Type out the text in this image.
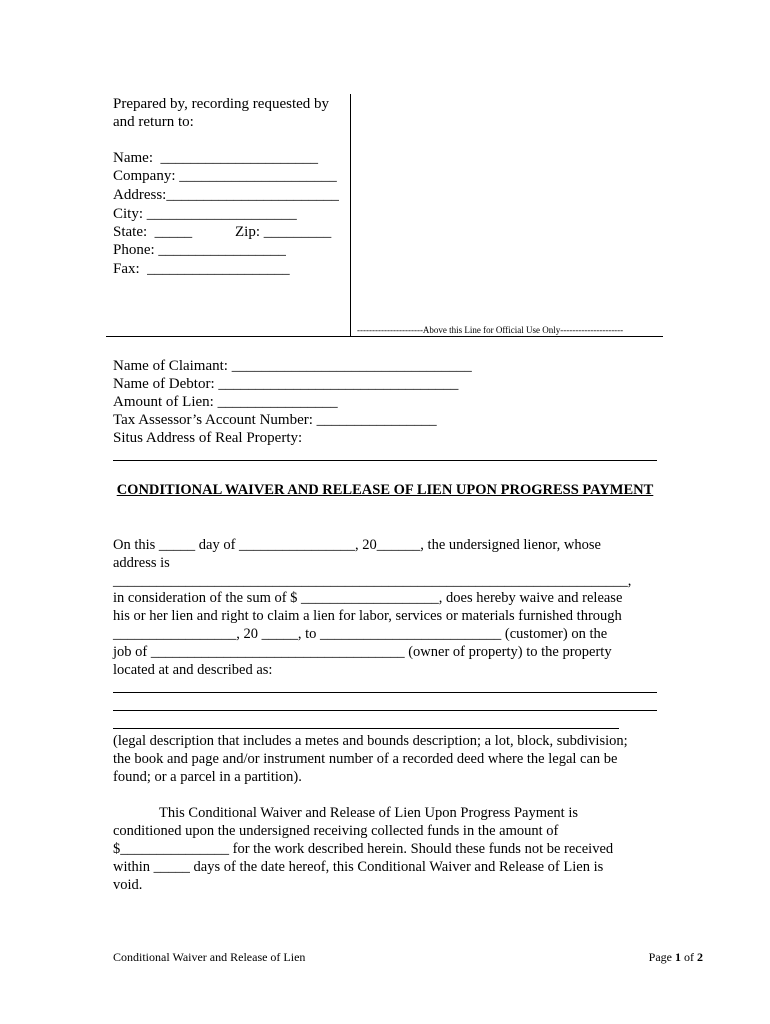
Prepared by, recording requested by
and return to:
Name:  _____________________
Company: _____________________
Address:_______________________
City: ____________________
State:  _____	Zip: _________
Phone: _________________
Fax:  ___________________
----------------------Above this Line for Official Use Only---------------------
Name of Claimant: ________________________________
Name of Debtor: ________________________________
Amount of Lien: ________________
Tax Assessor’s Account Number: ________________
Situs Address of Real Property:
CONDITIONAL WAIVER AND RELEASE OF LIEN UPON PROGRESS PAYMENT
On this _____ day of ________________, 20______, the undersigned lienor, whose
address is
_______________________________________________________________________,
in consideration of the sum of $ ___________________, does hereby waive and release
his or her lien and right to claim a lien for labor, services or materials furnished through
_________________, 20 _____, to _________________________ (customer) on the
job of ___________________________________ (owner of property) to the property
located at and described as:
(legal description that includes a metes and bounds description; a lot, block, subdivision;
the book and page and/or instrument number of a recorded deed where the legal can be
found; or a parcel in a partition).
This Conditional Waiver and Release of Lien Upon Progress Payment is
conditioned upon the undersigned receiving collected funds in the amount of
$_______________ for the work described herein. Should these funds not be received
within _____ days of the date hereof, this Conditional Waiver and Release of Lien is
void.
Conditional Waiver and Release of Lien	Page 1 of 2
